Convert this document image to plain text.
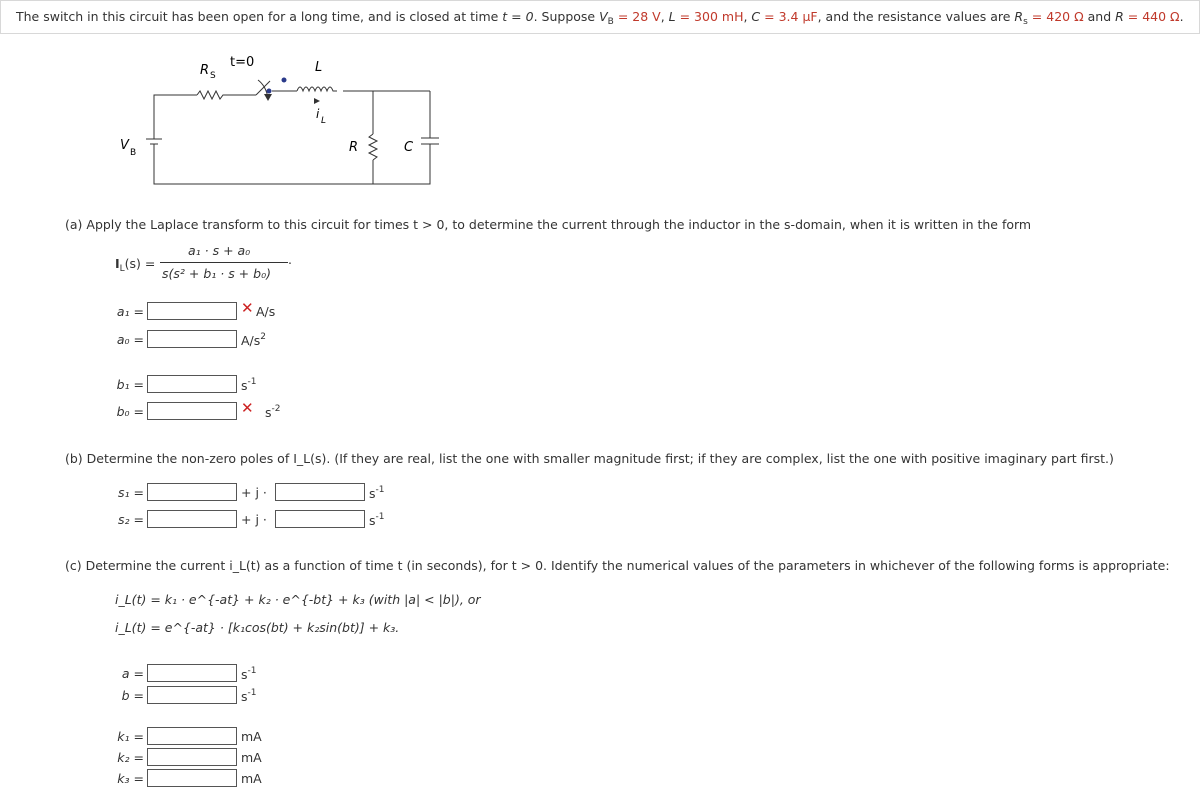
The switch in this circuit has been open for a long time, and is closed at time t = 0. Suppose $V_B = 28$ V, L = 300 mH, C = 3.4 μF, and the resistance values are $R_s = 420$ Ω and R = 440 Ω.
R S
t=0	L
i L
V B	R	C
(a) Apply the Laplace transform to this circuit for times t > 0, to determine the current through the inductor in the s-domain, when it is written in the form
$I_L(s)$ =
a₁ · s + a₀
s(s² + b₁ · s + b₀)
.
a₁ =	✕ A/s
a₀ =	$A/s^2$
b₁ =	$s^{-1}$
b₀ =	✕ $s^{-2}$
(b) Determine the non-zero poles of I_L(s). (If they are real, list the one with smaller magnitude first; if they are complex, list the one with positive imaginary part first.)
s₁ =	+ j ·	$s^{-1}$
s₂ =	+ j ·	$s^{-1}$
(c) Determine the current i_L(t) as a function of time t (in seconds), for t > 0. Identify the numerical values of the parameters in whichever of the following forms is appropriate:
i_L(t) = k₁ · e^{-at} + k₂ · e^{-bt} + k₃ (with |a| < |b|), or
i_L(t) = e^{-at} · [k₁cos(bt) + k₂sin(bt)] + k₃.
a =	$s^{-1}$
b =	$s^{-1}$
k₁ =	mA
k₂ =	mA
k₃ =	mA
